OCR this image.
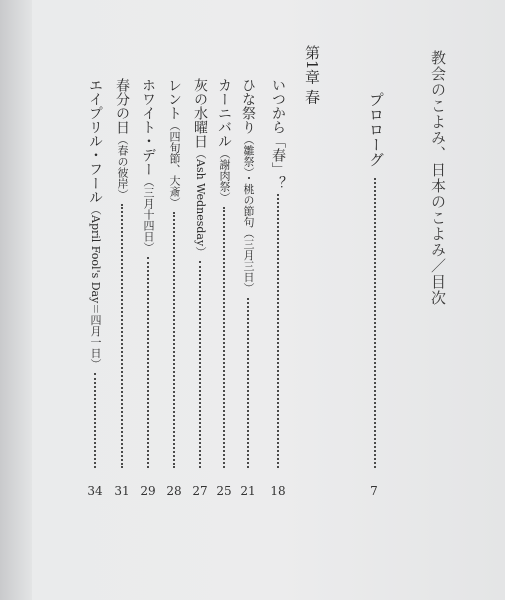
教会のこよみ、日本のこよみ／目次
プロローグ
7
第1章 春
いつから「春」？
18
ひな祭り（雛祭）・桃の節句（三月三日）
21
カーニバル（謝肉祭）
25
灰の水曜日（Ash Wednesday）
27
レント（四旬節、大斎）
28
ホワイト・デー（三月十四日）
29
春分の日（春の彼岸）
31
エイプリル・フール（April Fool's Day＝四月一日）
34
